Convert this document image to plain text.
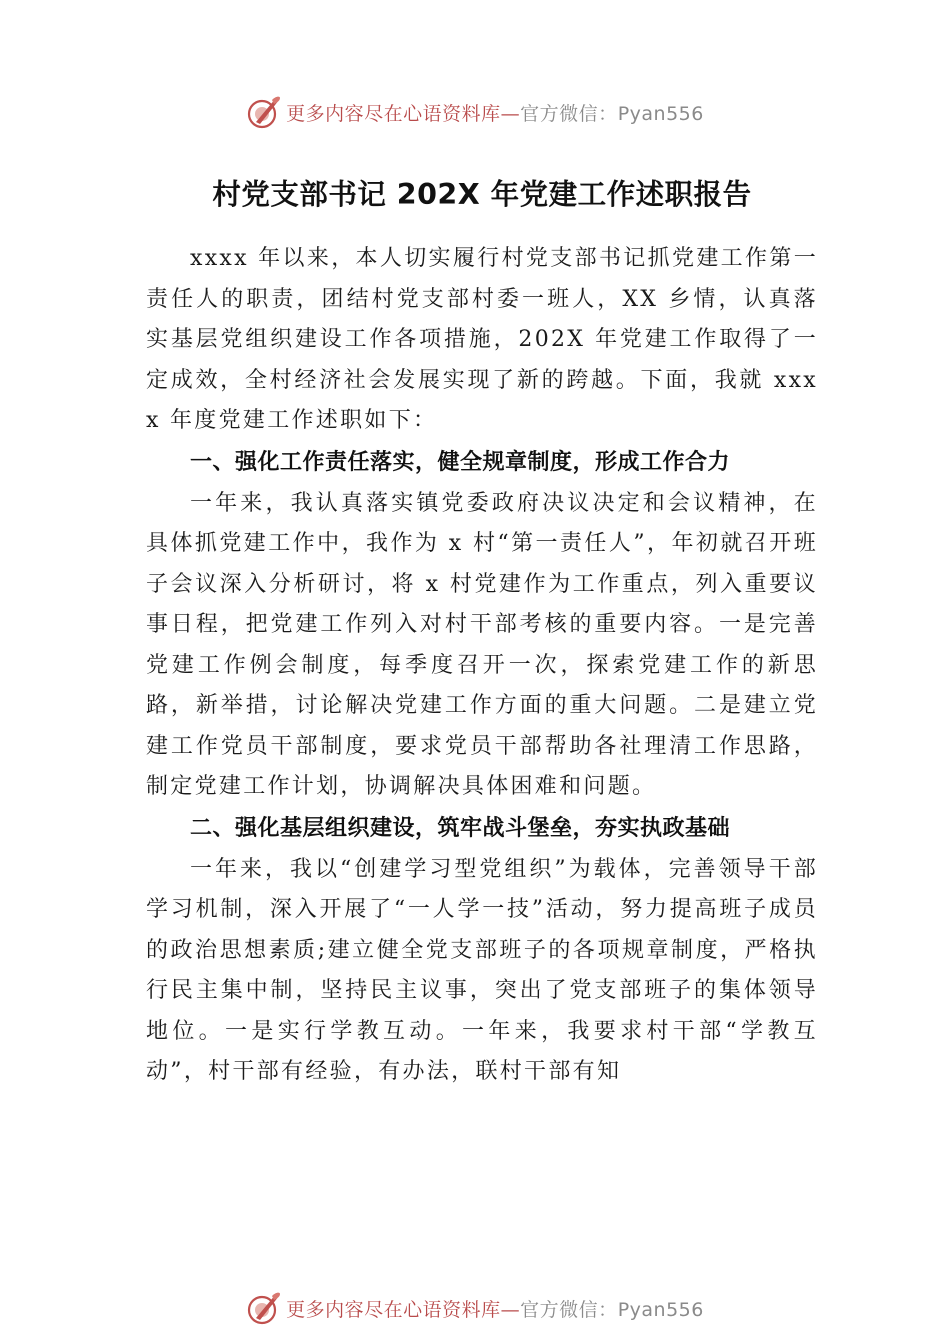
更多内容尽在心语资料库—官方微信：Pyan556
村党支部书记 202X 年党建工作述职报告

xxxx 年以来，本人切实履行村党支部书记抓党建工作第一责任人的职责，团结村党支部村委一班人，XX 乡情，认真落实基层党组织建设工作各项措施，202X 年党建工作取得了一定成效，全村经济社会发展实现了新的跨越。下面，我就 xxxx 年度党建工作述职如下：

一、强化工作责任落实，健全规章制度，形成工作合力

一年来，我认真落实镇党委政府决议决定和会议精神，在具体抓党建工作中，我作为 x 村“第一责任人”，年初就召开班子会议深入分析研讨，将 x 村党建作为工作重点，列入重要议事日程，把党建工作列入对村干部考核的重要内容。一是完善党建工作例会制度，每季度召开一次，探索党建工作的新思路，新举措，讨论解决党建工作方面的重大问题。二是建立党建工作党员干部制度，要求党员干部帮助各社理清工作思路，制定党建工作计划，协调解决具体困难和问题。

二、强化基层组织建设，筑牢战斗堡垒，夯实执政基础

一年来，我以“创建学习型党组织”为载体，完善领导干部学习机制，深入开展了“一人学一技”活动，努力提高班子成员的政治思想素质;建立健全党支部班子的各项规章制度，严格执行民主集中制，坚持民主议事，突出了党支部班子的集体领导地位。一是实行学教互动。一年来，我要求村干部“学教互动”，村干部有经验，有办法，联村干部有知

更多内容尽在心语资料库—官方微信：Pyan556
